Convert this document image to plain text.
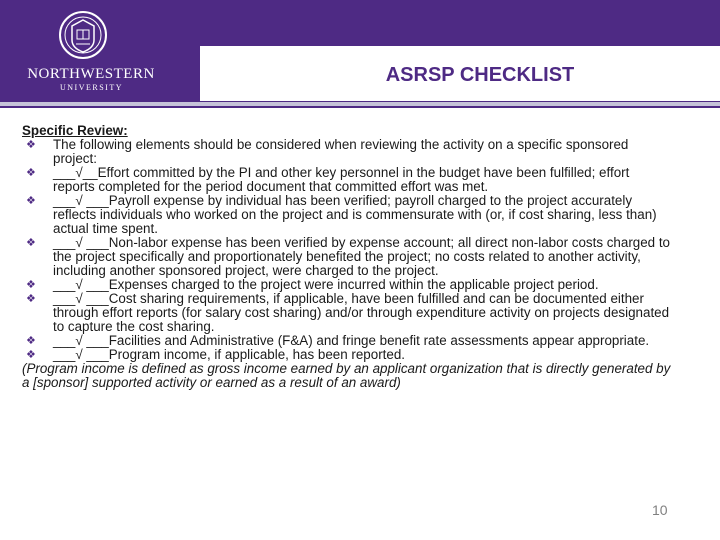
NORTHWESTERN
UNIVERSITY
ASRSP CHECKLIST

Specific Review:

❖ The following elements should be considered when reviewing the activity on a specific sponsored project:
❖ ___√__Effort committed by the PI and other key personnel in the budget have been fulfilled; effort reports completed for the period document that committed effort was met.
❖ ___√ ___Payroll expense by individual has been verified; payroll charged to the project accurately reflects individuals who worked on the project and is commensurate with (or, if cost sharing, less than) actual time spent.
❖ ___√ ___Non-labor expense has been verified by expense account; all direct non-labor costs charged to the project specifically and proportionately benefited the project; no costs related to another activity, including another sponsored project, were charged to the project.
❖ ___√ ___Expenses charged to the project were incurred within the applicable project period.
❖ ___√ ___Cost sharing requirements, if applicable, have been fulfilled and can be documented either through effort reports (for salary cost sharing) and/or through expenditure activity on projects designated to capture the cost sharing.
❖ ___√ ___Facilities and Administrative (F&A) and fringe benefit rate assessments appear appropriate.
❖ ___√ ___Program income, if applicable, has been reported.

(Program income is defined as gross income earned by an applicant organization that is directly generated by a [sponsor] supported activity or earned as a result of an award)

10
